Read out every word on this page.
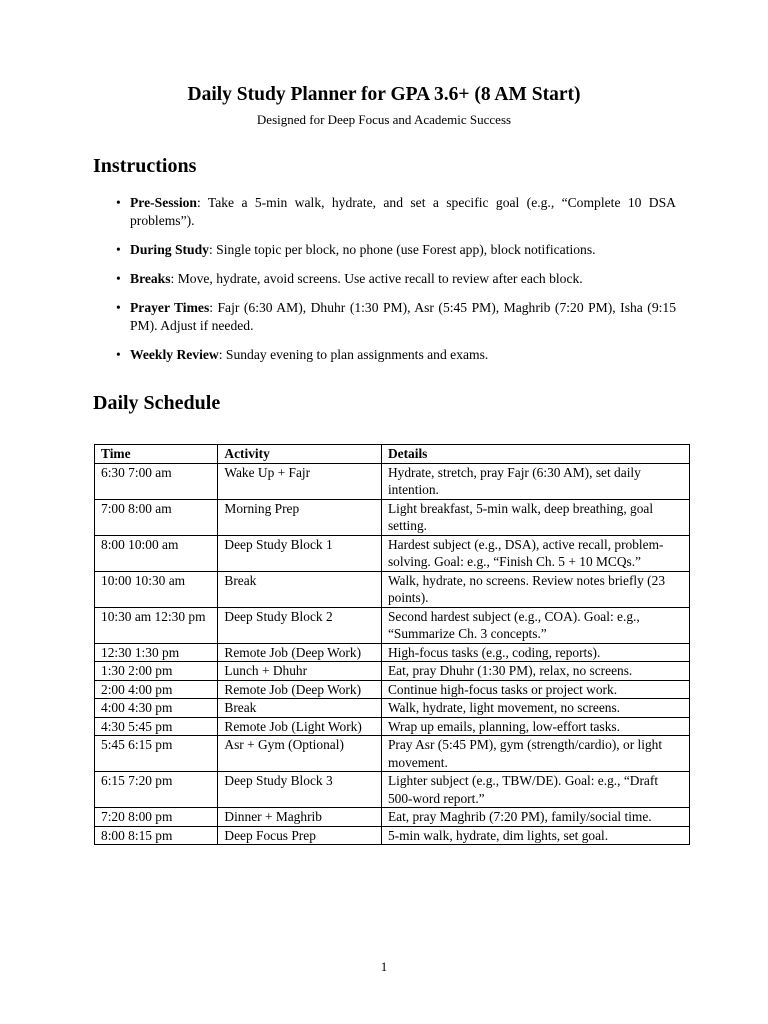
Daily Study Planner for GPA 3.6+ (8 AM Start)
Designed for Deep Focus and Academic Success
Instructions
• Pre-Session: Take a 5-min walk, hydrate, and set a specific goal (e.g., “Complete 10 DSA problems”).
• During Study: Single topic per block, no phone (use Forest app), block notifications.
• Breaks: Move, hydrate, avoid screens. Use active recall to review after each block.
• Prayer Times: Fajr (6:30 AM), Dhuhr (1:30 PM), Asr (5:45 PM), Maghrib (7:20 PM), Isha (9:15 PM). Adjust if needed.
• Weekly Review: Sunday evening to plan assignments and exams.
Daily Schedule
Time	Activity	Details
6:30 7:00 am	Wake Up + Fajr	Hydrate, stretch, pray Fajr (6:30 AM), set daily intention.
7:00 8:00 am	Morning Prep	Light breakfast, 5-min walk, deep breathing, goal setting.
8:00 10:00 am	Deep Study Block 1	Hardest subject (e.g., DSA), active recall, problem-solving. Goal: e.g., “Finish Ch. 5 + 10 MCQs.”
10:00 10:30 am	Break	Walk, hydrate, no screens. Review notes briefly (23 points).
10:30 am 12:30 pm	Deep Study Block 2	Second hardest subject (e.g., COA). Goal: e.g., “Summarize Ch. 3 concepts.”
12:30 1:30 pm	Remote Job (Deep Work)	High-focus tasks (e.g., coding, reports).
1:30 2:00 pm	Lunch + Dhuhr	Eat, pray Dhuhr (1:30 PM), relax, no screens.
2:00 4:00 pm	Remote Job (Deep Work)	Continue high-focus tasks or project work.
4:00 4:30 pm	Break	Walk, hydrate, light movement, no screens.
4:30 5:45 pm	Remote Job (Light Work)	Wrap up emails, planning, low-effort tasks.
5:45 6:15 pm	Asr + Gym (Optional)	Pray Asr (5:45 PM), gym (strength/cardio), or light movement.
6:15 7:20 pm	Deep Study Block 3	Lighter subject (e.g., TBW/DE). Goal: e.g., “Draft 500-word report.”
7:20 8:00 pm	Dinner + Maghrib	Eat, pray Maghrib (7:20 PM), family/social time.
8:00 8:15 pm	Deep Focus Prep	5-min walk, hydrate, dim lights, set goal.
1
